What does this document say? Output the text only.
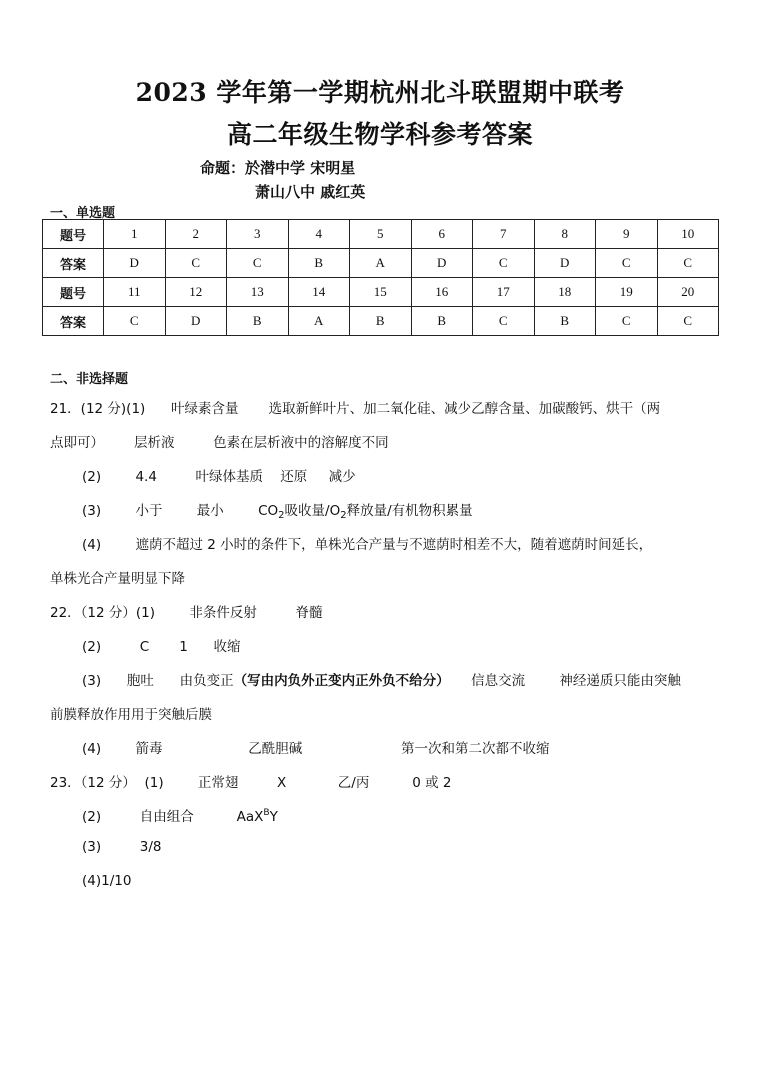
2023 学年第一学期杭州北斗联盟期中联考
高二年级生物学科参考答案
命题：於潜中学 宋明星
萧山八中 戚红英
一、单选题
题号	1	2	3	4	5	6	7	8	9	10
答案	D	C	C	B	A	D	C	D	C	C
题号	11	12	13	14	15	16	17	18	19	20
答案	C	D	B	A	B	B	C	B	C	C
二、非选择题
21．(12 分)(1)      叶绿素含量       选取新鲜叶片、加二氧化硅、减少乙醇含量、加碳酸钙、烘干（两
点即可）       层析液         色素在层析液中的溶解度不同
(2)        4.4         叶绿体基质    还原     减少
(3)        小于        最小        $CO_2$吸收量$/O_2$释放量/有机物积累量
(4)        遮荫不超过 2 小时的条件下，单株光合产量与不遮荫时相差不大，随着遮荫时间延长，
单株光合产量明显下降
22．（12 分）(1)        非条件反射         脊髓
(2)         C       1      收缩
(3)      胞吐      由负变正（写由内负外正变内正外负不给分）     信息交流        神经递质只能由突触
前膜释放作用用于突触后膜
(4)        箭毒                    乙酰胆碱                       第一次和第二次都不收缩
23．（12 分）  (1)        正常翅         X            乙/丙          0 或 2
(2)         自由组合          AaX$^B$Y
(3)         3/8
(4)1/10
